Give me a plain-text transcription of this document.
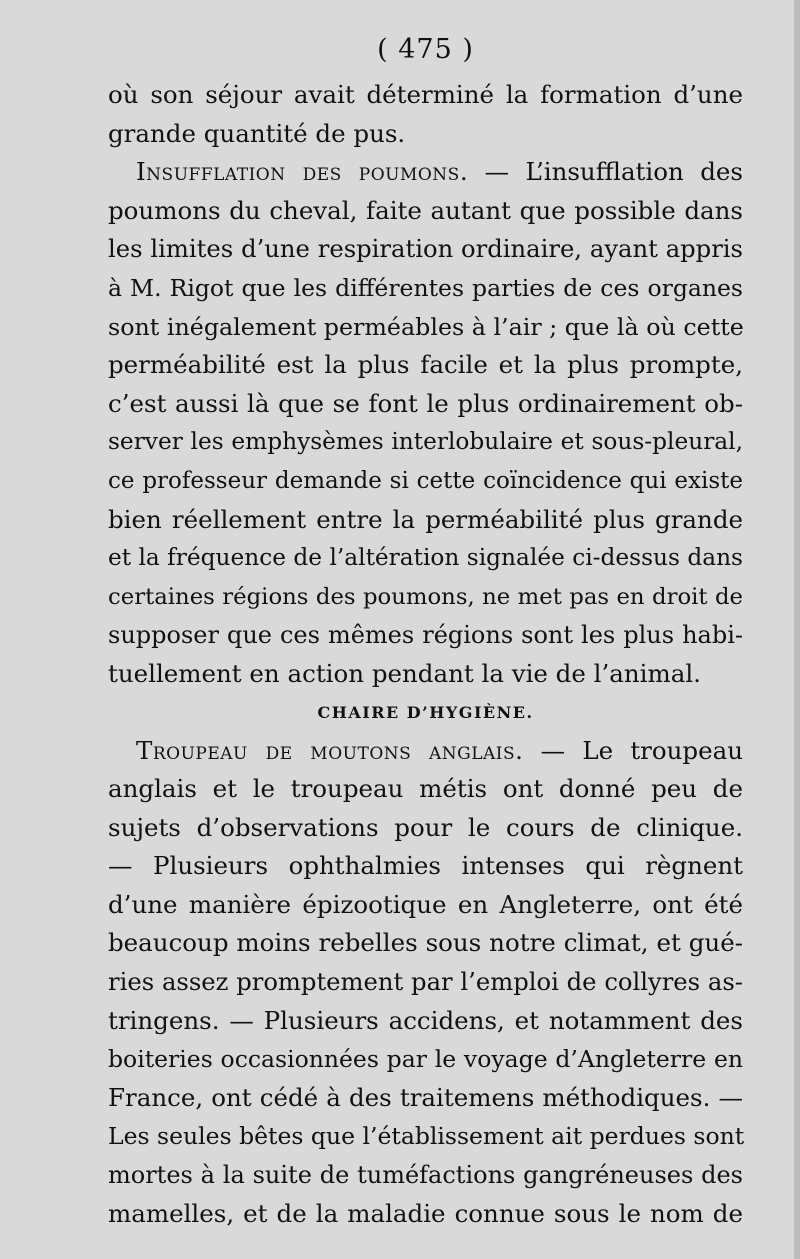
( 475 )
où son séjour avait déterminé la formation d’une
grande quantité de pus.
Insufflation des poumons. — L’insufflation des
poumons du cheval, faite autant que possible dans
les limites d’une respiration ordinaire, ayant appris
à M. Rigot que les différentes parties de ces organes
sont inégalement perméables à l’air ; que là où cette
perméabilité est la plus facile et la plus prompte,
c’est aussi là que se font le plus ordinairement ob-
server les emphysèmes interlobulaire et sous-pleural,
ce professeur demande si cette coïncidence qui existe
bien réellement entre la perméabilité plus grande
et la fréquence de l’altération signalée ci-dessus dans
certaines régions des poumons, ne met pas en droit de
supposer que ces mêmes régions sont les plus habi-
tuellement en action pendant la vie de l’animal.
CHAIRE D’HYGIÈNE.
Troupeau de moutons anglais. — Le troupeau
anglais et le troupeau métis ont donné peu de
sujets d’observations pour le cours de clinique.
— Plusieurs ophthalmies intenses qui règnent
d’une manière épizootique en Angleterre, ont été
beaucoup moins rebelles sous notre climat, et gué-
ries assez promptement par l’emploi de collyres as-
tringens. — Plusieurs accidens, et notamment des
boiteries occasionnées par le voyage d’Angleterre en
France, ont cédé à des traitemens méthodiques. —
Les seules bêtes que l’établissement ait perdues sont
mortes à la suite de tuméfactions gangréneuses des
mamelles, et de la maladie connue sous le nom de
